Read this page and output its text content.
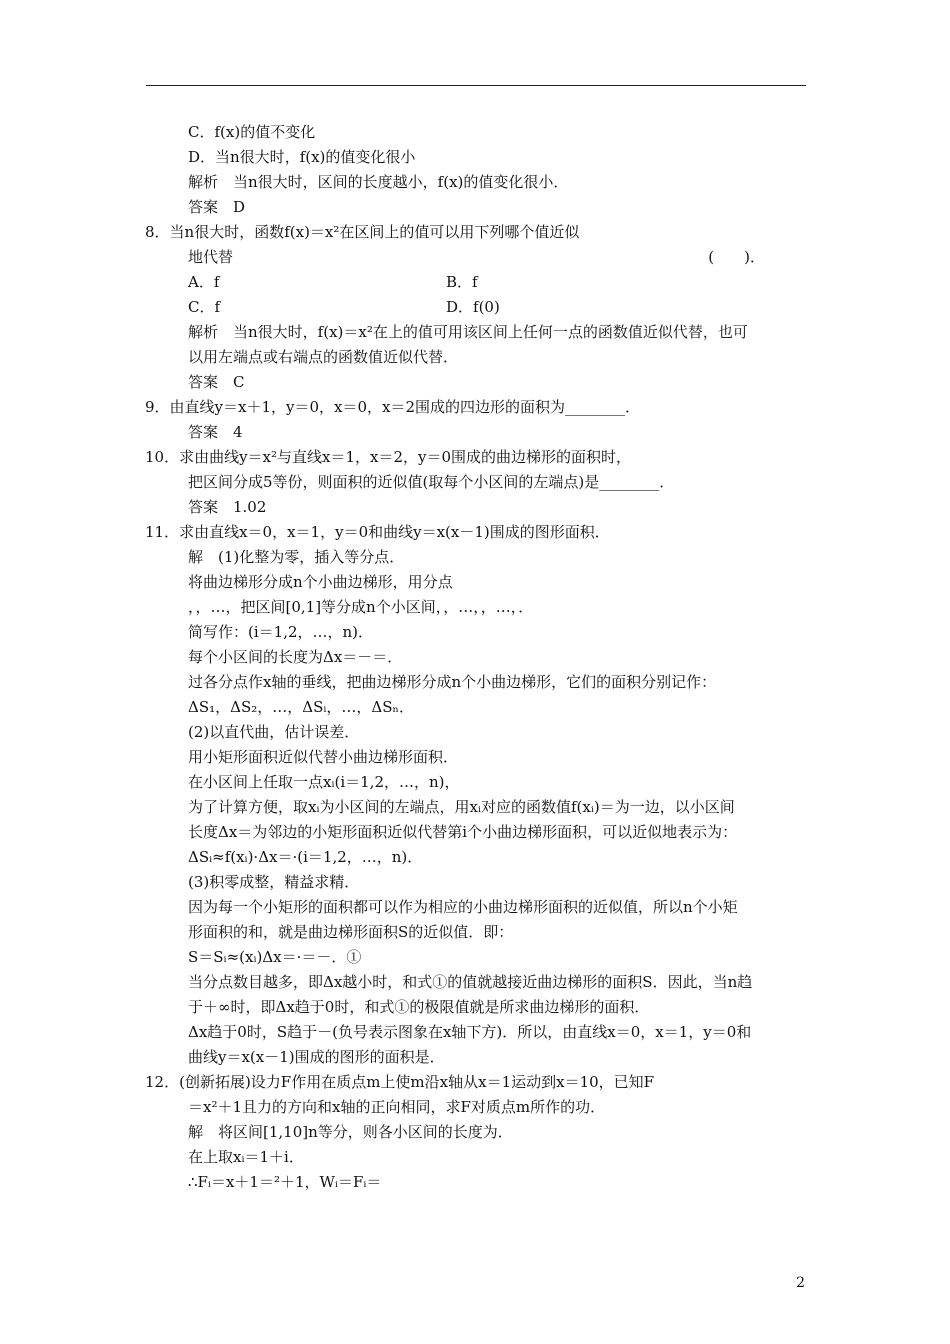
C．f(x)的值不变化
D．当n很大时，f(x)的值变化很小
解析　当n很大时，区间的长度越小，f(x)的值变化很小．
答案　D
8．当n很大时，函数f(x)＝x²在区间上的值可以用下列哪个值近似
地代替	(　　)．
A．f	B．f
C．f	D．f(0)
解析　当n很大时，f(x)＝x²在上的值可用该区间上任何一点的函数值近似代替，也可
以用左端点或右端点的函数值近似代替．
答案　C
9．由直线y＝x＋1，y＝0，x＝0，x＝2围成的四边形的面积为________．
答案　4
10．求由曲线y＝x²与直线x＝1，x＝2，y＝0围成的曲边梯形的面积时，
把区间分成5等份，则面积的近似值(取每个小区间的左端点)是________．
答案　1.02
11．求由直线x＝0，x＝1，y＝0和曲线y＝x(x－1)围成的图形面积．
解　(1)化整为零，插入等分点．
将曲边梯形分成n个小曲边梯形，用分点
，，…，把区间[0,1]等分成n个小区间，，…，，…，．
简写作：(i＝1,2，…，n)．
每个小区间的长度为Δx＝－＝．
过各分点作x轴的垂线，把曲边梯形分成n个小曲边梯形，它们的面积分别记作：
ΔS₁，ΔS₂，…，ΔSᵢ，…，ΔSₙ．
(2)以直代曲，估计误差．
用小矩形面积近似代替小曲边梯形面积．
在小区间上任取一点xᵢ(i＝1,2，…，n)，
为了计算方便，取xᵢ为小区间的左端点，用xᵢ对应的函数值f(xᵢ)＝为一边，以小区间
长度Δx＝为邻边的小矩形面积近似代替第i个小曲边梯形面积，可以近似地表示为：
ΔSᵢ≈f(xᵢ)·Δx＝·(i＝1,2，…，n)．
(3)积零成整，精益求精．
因为每一个小矩形的面积都可以作为相应的小曲边梯形面积的近似值，所以n个小矩
形面积的和，就是曲边梯形面积S的近似值．即：
S＝Sᵢ≈(xᵢ)Δx＝·＝－．①
当分点数目越多，即Δx越小时，和式①的值就越接近曲边梯形的面积S．因此，当n趋
于＋∞时，即Δx趋于0时，和式①的极限值就是所求曲边梯形的面积．
Δx趋于0时，S趋于－(负号表示图象在x轴下方)．所以，由直线x＝0，x＝1，y＝0和
曲线y＝x(x－1)围成的图形的面积是．
12．(创新拓展)设力F作用在质点m上使m沿x轴从x＝1运动到x＝10，已知F
＝x²＋1且力的方向和x轴的正向相同，求F对质点m所作的功．
解　将区间[1,10]n等分，则各小区间的长度为．
在上取xᵢ＝1＋i．
∴Fᵢ＝x＋1＝²＋1，Wᵢ＝Fᵢ＝
2
